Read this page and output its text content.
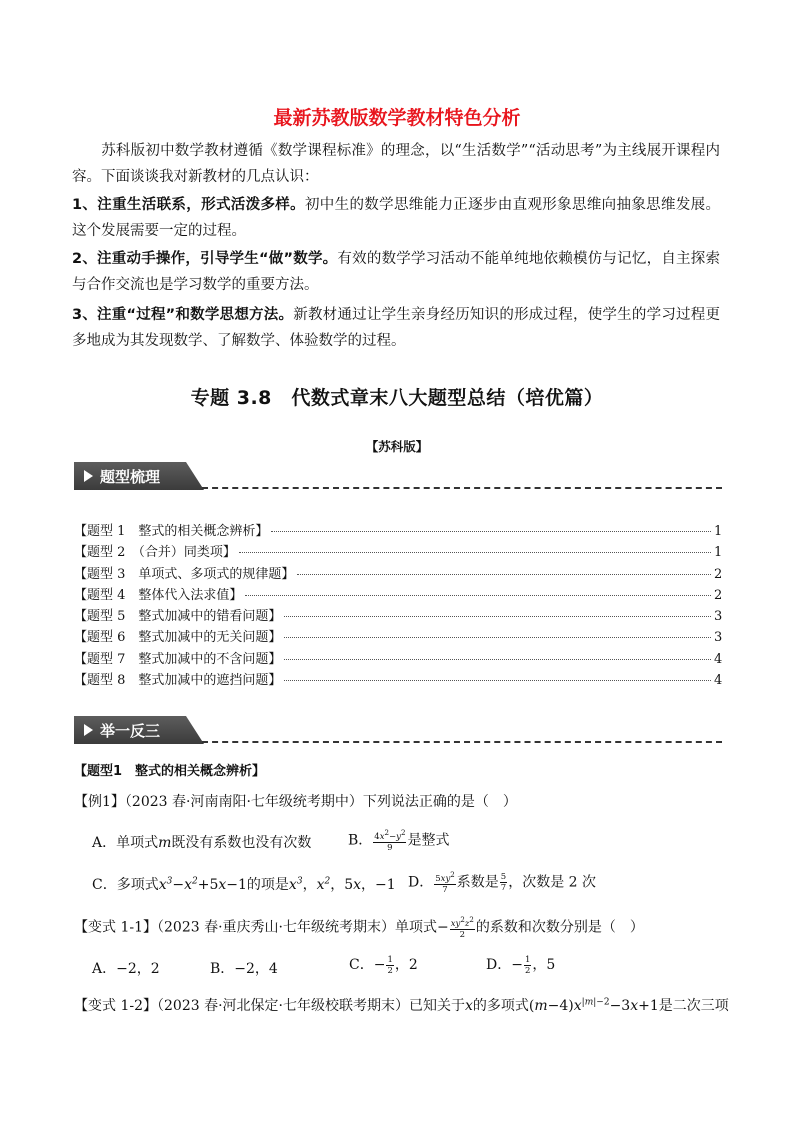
最新苏教版数学教材特色分析
苏科版初中数学教材遵循《数学课程标准》的理念，以“生活数学”“活动思考”为主线展开课程内容。下面谈谈我对新教材的几点认识：
1、注重生活联系，形式活泼多样。初中生的数学思维能力正逐步由直观形象思维向抽象思维发展。这个发展需要一定的过程。
2、注重动手操作，引导学生“做”数学。有效的数学学习活动不能单纯地依赖模仿与记忆，自主探索与合作交流也是学习数学的重要方法。
3、注重“过程”和数学思想方法。新教材通过让学生亲身经历知识的形成过程，使学生的学习过程更多地成为其发现数学、了解数学、体验数学的过程。
专题 3.8　代数式章末八大题型总结（培优篇）
【苏科版】
题型梳理
【题型 1　整式的相关概念辨析】	1
【题型 2　（合并）同类项】	1
【题型 3　单项式、多项式的规律题】	2
【题型 4　整体代入法求值】	2
【题型 5　整式加减中的错看问题】	3
【题型 6　整式加减中的无关问题】	3
【题型 7　整式加减中的不含问题】	4
【题型 8　整式加减中的遮挡问题】	4
举一反三
【题型1　整式的相关概念辨析】
【例1】（2023 春·河南南阳·七年级统考期中）下列说法正确的是（　）
A．单项式m既没有系数也没有次数	B． $\frac{4x^2-y^2}{9}$ 是整式
C．多项式$x^3-x^2+5x-1$的项是$x^3$，$x^2$，5x，−1 D． $\frac{5xy^2}{7}$ 系数是 $\frac{5}{7}$ ，次数是 2 次
【变式 1-1】（2023 春·重庆秀山·七年级统考期末）单项式− $\frac{xy^2z^2}{2}$ 的系数和次数分别是（　）
A．−2，2	B．−2，4	C．− $\frac{1}{2}$ ，2	D．− $\frac{1}{2}$ ，5
【变式 1-2】（2023 春·河北保定·七年级校联考期末）已知关于x的多项式$(m-4)x^{|m|-2}-3x+1$是二次三项
